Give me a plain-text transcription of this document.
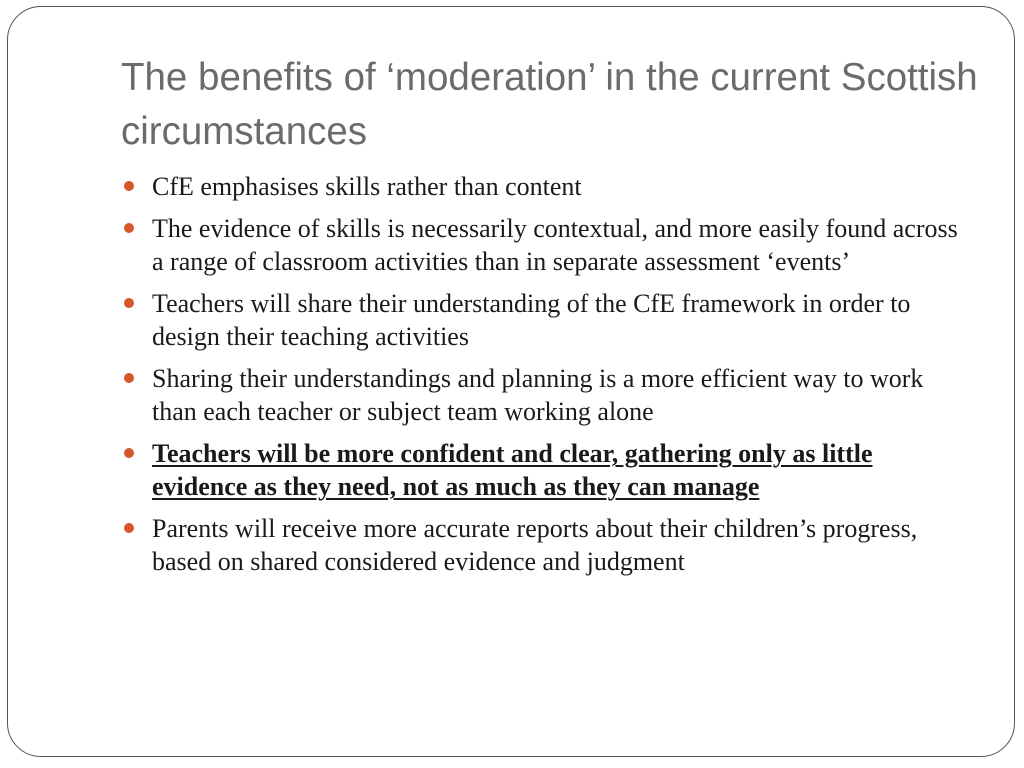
The benefits of ‘moderation’ in the current Scottish circumstances
CfE emphasises skills rather than content
The evidence of skills is necessarily contextual, and more easily found across a range of classroom activities than in separate assessment ‘events’
Teachers will share their understanding of the CfE framework in order to design their teaching activities
Sharing their understandings and planning is a more efficient way to work than each teacher or subject team working alone
Teachers will be more confident and clear, gathering only as little evidence as they need, not as much as they can manage
Parents will receive more accurate reports about their children’s progress, based on shared considered evidence and judgment
